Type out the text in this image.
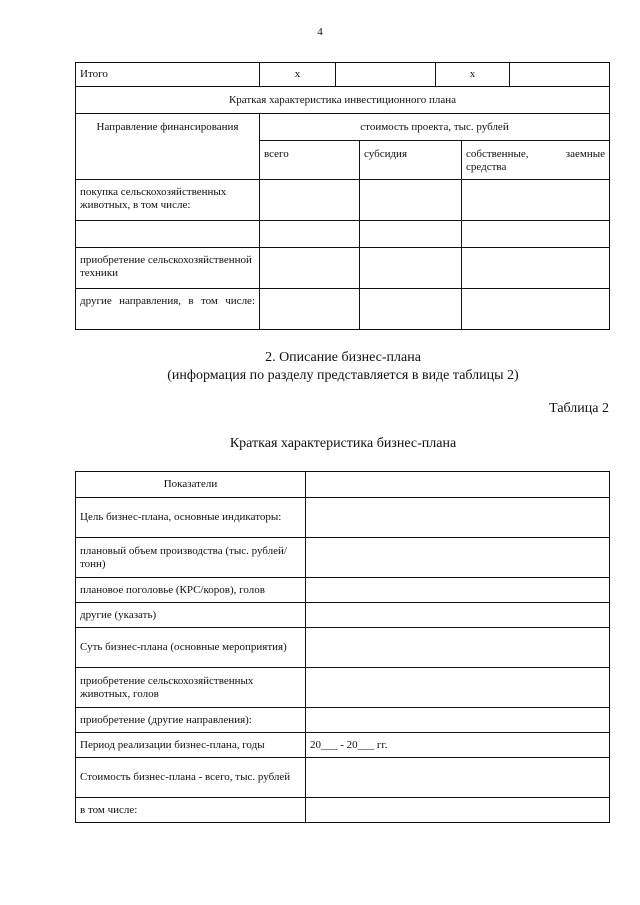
4
Итого	х			х		
Краткая характеристика инвестиционного плана						
Направление финансирования	стоимость проекта, тыс. рублей					
	всего		субсидия		собственные, заемные
средства	

покупка сельскохозяйственных животных, в том числе:						

приобретение сельскохозяйственной техники						
другие направления, в том числе:						
2. Описание бизнес-плана
(информация по разделу представляется в виде таблицы 2)
Таблица 2
Краткая характеристика бизнес-плана
Показатели	
Цель бизнес-плана, основные индикаторы:	
плановый объем производства (тыс. рублей/тонн)	
плановое поголовье (КРС/коров), голов	
другие (указать)	
Суть бизнес-плана (основные мероприятия)	
приобретение сельскохозяйственных животных, голов	
приобретение (другие направления):	
Период реализации бизнес-плана, годы	20___ - 20___ гг.
Стоимость бизнес-плана - всего, тыс. рублей	
в том числе:	
